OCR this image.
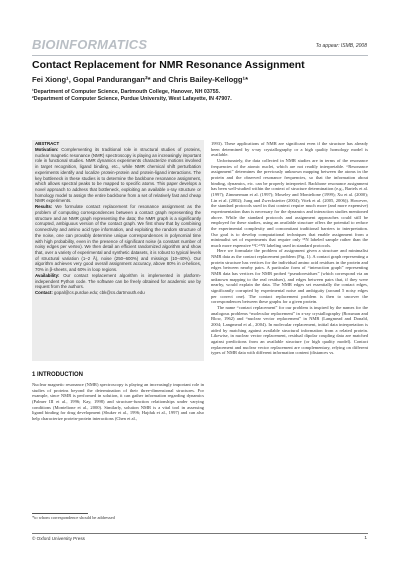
BIOINFORMATICS	To appear: ISMB, 2008
Contact Replacement for NMR Resonance Assignment
Fei Xiong¹, Gopal Pandurangan²* and Chris Bailey-Kellogg¹*
¹Department of Computer Science, Dartmouth College, Hanover, NH 03755.
²Department of Computer Science, Purdue University, West Lafayette, IN 47907.

ABSTRACT

Motivation: Complementing its traditional role in structural studies of proteins, nuclear magnetic resonance (NMR) spectroscopy is playing an increasingly important role in functional studies. NMR dynamics experiments characterize motions involved in target recognition, ligand binding, etc., while NMR chemical shift perturbation experiments identify and localize protein-protein and protein-ligand interactions. The key bottleneck in these studies is to determine the backbone resonance assignment, which allows spectral peaks to be mapped to specific atoms. This paper develops a novel approach to address that bottleneck, exploiting an available x-ray structure or homology model to assign the entire backbone from a set of relatively fast and cheap NMR experiments.

Results: We formulate contact replacement for resonance assignment as the problem of computing correspondences between a contact graph representing the structure and an NMR graph representing the data; the NMR graph is a significantly corrupted, ambiguous version of the contact graph. We first show that by combining connectivity and amino acid type information, and exploiting the random structure of the noise, one can provably determine unique correspondences in polynomial time with high probability, even in the presence of significant noise (a constant number of noisy edges per vertex). We then detail an efficient randomized algorithm and show that, over a variety of experimental and synthetic datasets, it is robust to typical levels of structural variation (1–2 Å), noise (250–600%) and missings (10–40%). Our algorithm achieves very good overall assignment accuracy, above 80% in α-helices, 70% in β-sheets, and 60% in loop regions.

Availability: Our contact replacement algorithm is implemented in platform-independent Python code. The software can be freely obtained for academic use by request from the authors.

Contact: gopal@cs.purdue.edu; cbk@cs.dartmouth.edu

1 INTRODUCTION
Nuclear magnetic resonance (NMR) spectroscopy is playing an increasingly important role in studies of proteins beyond the determination of their three-dimensional structures. For example, since NMR is performed in solution, it can gather information regarding dynamics (Palmer III et al., 1996; Kay, 1998) and structure-function relationships under varying conditions (Montelione et al., 2000). Similarly, solution NMR is a vital tool in assessing ligand binding for drug development (Shuker et al., 1996; Hajduk et al., 1997) and can also help characterize protein-protein interactions (Chen et al.,
*to whom correspondence should be addressed

1993). These applications of NMR are significant even if the structure has already been determined by x-ray crystallography or a high quality homology model is available.

Unfortunately, the data collected in NMR studies are in terms of the resonance frequencies of the atomic nuclei, which are not readily interpretable. “Resonance assignment” determines the previously unknown mapping between the atoms in the protein and the observed resonance frequencies, so that the information about binding, dynamics, etc. can be properly interpreted. Backbone resonance assignment has been well-studied within the context of structure determination (e.g., Bartels et al. (1997); Zimmerman et al. (1997); Moseley and Montelione (1999); Xu et al. (2000); Lin et al. (2002); Jung and Zweckstetter (2004); Vitek et al. (2005, 2006)). However, the standard protocols used in that context require much more (and more expensive) experimentation than is necessary for the dynamics and interaction studies mentioned above. While the standard protocols and assignment approaches could still be employed for these studies, using an available structure offers the potential to reduce the experimental complexity and concomitant traditional barriers to interpretation. Our goal is to develop computational techniques that enable assignment from a minimalist set of experiments that require only ¹⁵N labeled sample rather than the much more expensive ¹³C-¹⁵N labeling used in standard protocols.

Here we formulate the problem of assignment given a structure and minimalist NMR data as the contact replacement problem (Fig. 1). A contact graph representing a protein structure has vertices for the individual amino acid residues in the protein and edges between nearby pairs. A particular form of “interaction graph” representing NMR data has vertices for NMR probed “pseudoresidues” (which correspond via an unknown mapping to the real residues), and edges between pairs that, if they were nearby, would explain the data. The NMR edges set essentially the contact edges, significantly corrupted by experimental noise and ambiguity (around 5 noisy edges per correct one). The contact replacement problem is then to uncover the correspondences between these graphs for a given protein.

The name “contact replacement” for our problem is inspired by the names for the analogous problems “molecular replacement” in x-ray crystallography (Rossman and Blow, 1962) and “nuclear vector replacement” in NMR (Langmead and Donald, 2004; Langmead et al., 2004). In molecular replacement, initial data interpretation is aided by matching against available structural information from a related protein. Likewise, in nuclear vector replacement, residual dipolar coupling data are matched against predictions from an available structure (or high quality model). Contact replacement and nuclear vector replacement are complementary, relying on different types of NMR data with different information content (distances vs.

© Oxford University Press	1
